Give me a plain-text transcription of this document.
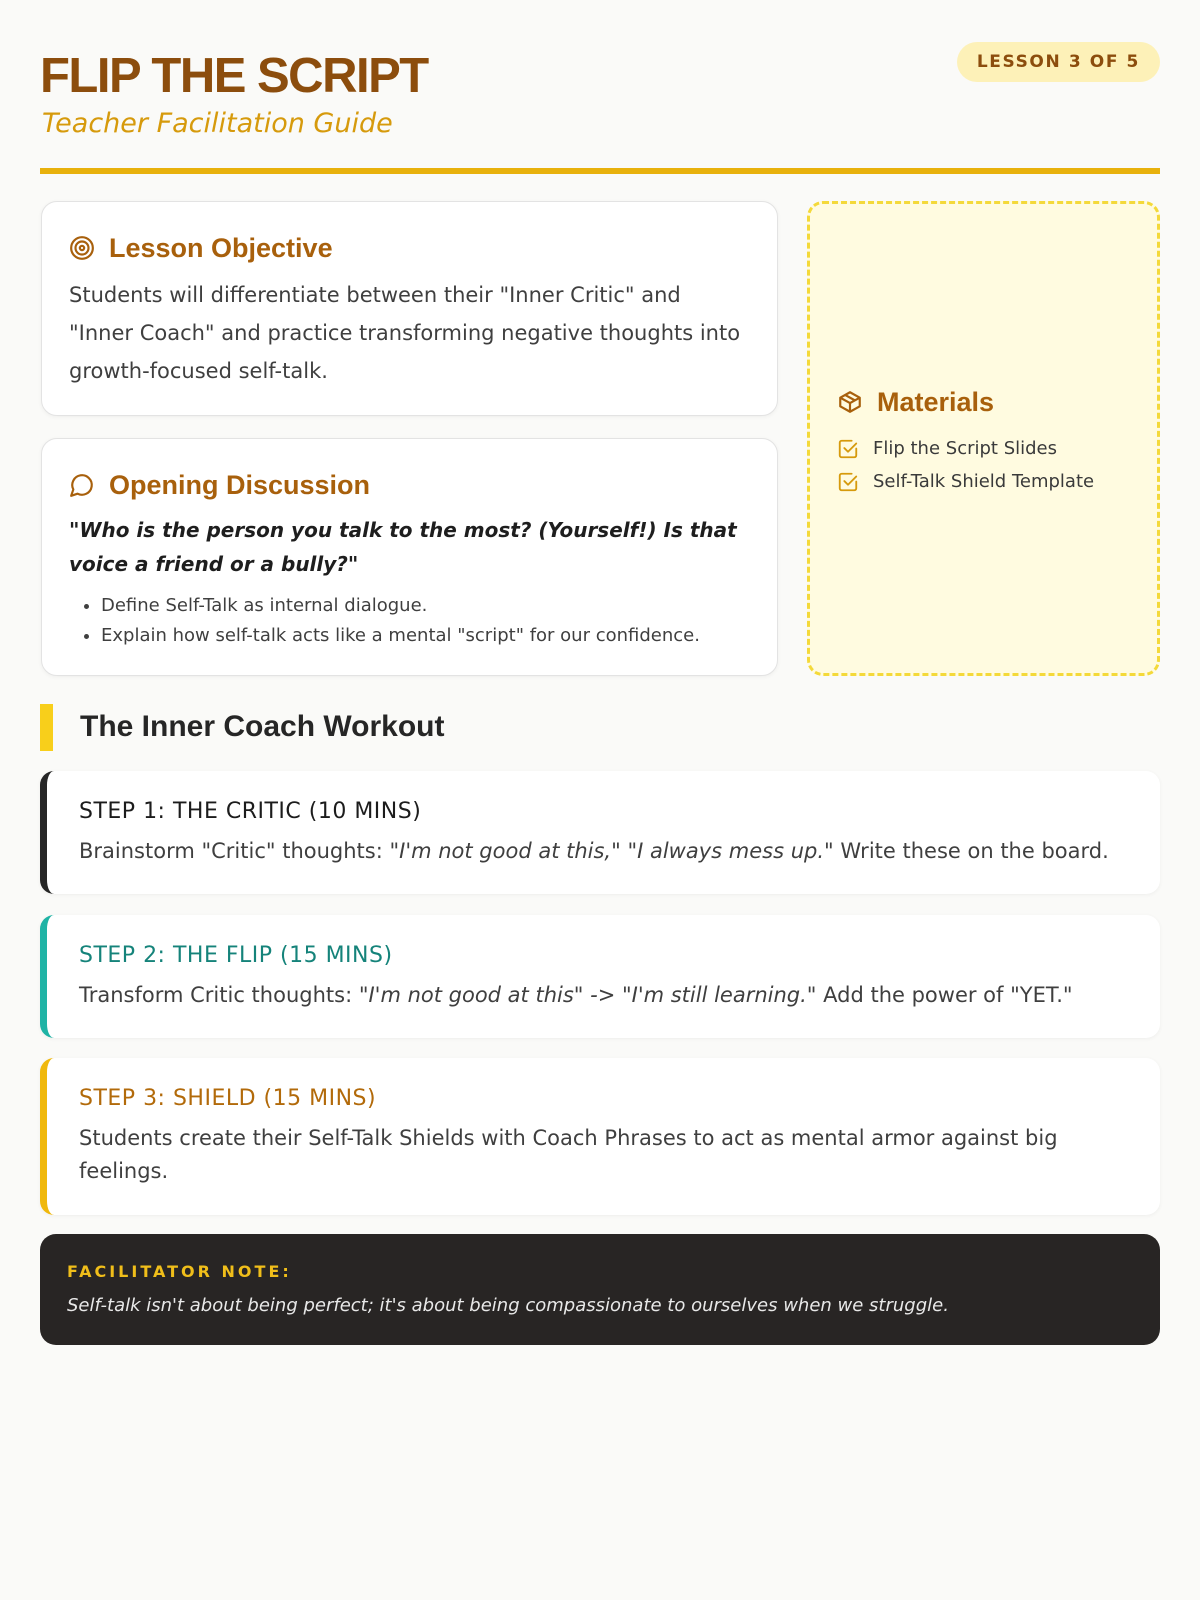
FLIP THE SCRIPT
Teacher Facilitation Guide
LESSON 3 OF 5
Lesson Objective
Students will differentiate between their "Inner Critic" and "Inner Coach" and practice transforming negative thoughts into growth-focused self-talk.
Opening Discussion
"Who is the person you talk to the most? (Yourself!) Is that voice a friend or a bully?"
• Define Self-Talk as internal dialogue.
• Explain how self-talk acts like a mental "script" for our confidence.
Materials
Flip the Script Slides
Self-Talk Shield Template
The Inner Coach Workout
STEP 1: THE CRITIC (10 MINS)
Brainstorm "Critic" thoughts: "I'm not good at this," "I always mess up." Write these on the board.
STEP 2: THE FLIP (15 MINS)
Transform Critic thoughts: "I'm not good at this" -> "I'm still learning." Add the power of "YET."
STEP 3: SHIELD (15 MINS)
Students create their Self-Talk Shields with Coach Phrases to act as mental armor against big feelings.
FACILITATOR NOTE:
Self-talk isn't about being perfect; it's about being compassionate to ourselves when we struggle.
